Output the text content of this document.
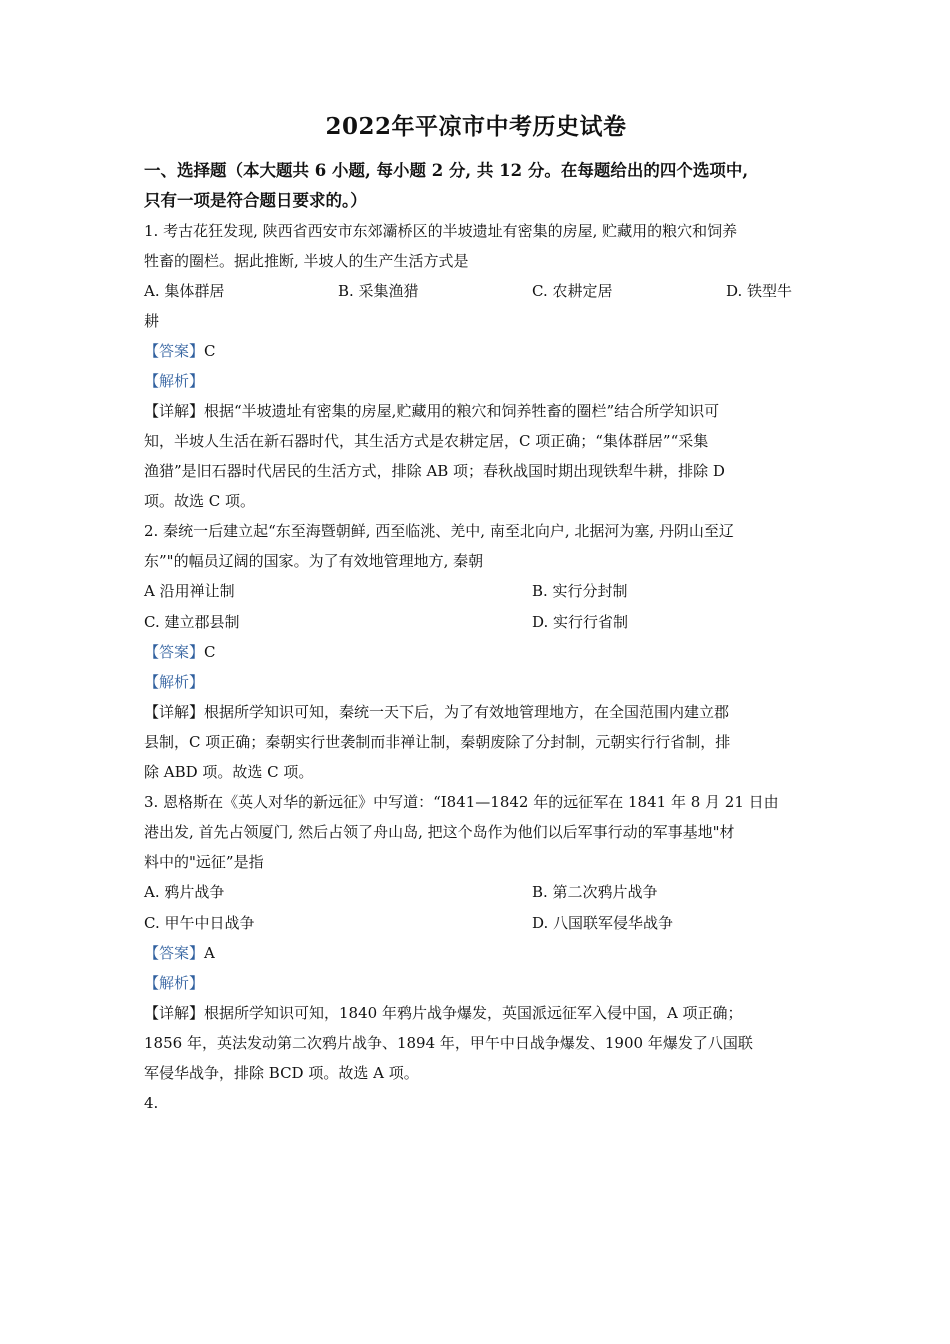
2022年平凉市中考历史试卷

一、选择题（本大题共 6 小题, 每小题 2 分, 共 12 分。在每题给出的四个选项中,

只有一项是符合题日要求的。）

1. 考古花狂发现, 陕西省西安市东郊灞桥区的半坡遗址有密集的房屋, 贮藏用的粮穴和饲养

牲畜的圈栏。据此推断, 半坡人的生产生活方式是

A. 集体群居	B. 采集渔猎	C. 农耕定居	D. 铁型牛

耕

【答案】C

【解析】

【详解】根据“半坡遗址有密集的房屋,贮藏用的粮穴和饲养牲畜的圈栏”结合所学知识可

知，半坡人生活在新石器时代，其生活方式是农耕定居，C 项正确；“集体群居”“采集

渔猎”是旧石器时代居民的生活方式，排除 AB 项；春秋战国时期出现铁犁牛耕，排除 D

项。故选 C 项。

2. 秦统一后建立起“东至海暨朝鲜, 西至临洮、羌中, 南至北向户, 北据河为塞, 丹阴山至辽

东”"的幅员辽阔的国家。为了有效地管理地方, 秦朝

A 沿用禅让制	B. 实行分封制
C. 建立郡县制	D. 实行行省制

【答案】C

【解析】

【详解】根据所学知识可知，秦统一天下后，为了有效地管理地方，在全国范围内建立郡

县制，C 项正确；秦朝实行世袭制而非禅让制，秦朝废除了分封制，元朝实行行省制，排

除 ABD 项。故选 C 项。

3. 恩格斯在《英人对华的新远征》中写道：“I841—1842 年的远征军在 1841 年 8 月 21 日由

港出发, 首先占领厦门, 然后占领了舟山岛, 把这个岛作为他们以后军事行动的军事基地"材

料中的"远征”是指

A. 鸦片战争	B. 第二次鸦片战争
C. 甲午中日战争	D. 八国联军侵华战争

【答案】A

【解析】

【详解】根据所学知识可知，1840 年鸦片战争爆发，英国派远征军入侵中国，A 项正确；

1856 年，英法发动第二次鸦片战争、1894 年，甲午中日战争爆发、1900 年爆发了八国联

军侵华战争，排除 BCD 项。故选 A 项。

4.
